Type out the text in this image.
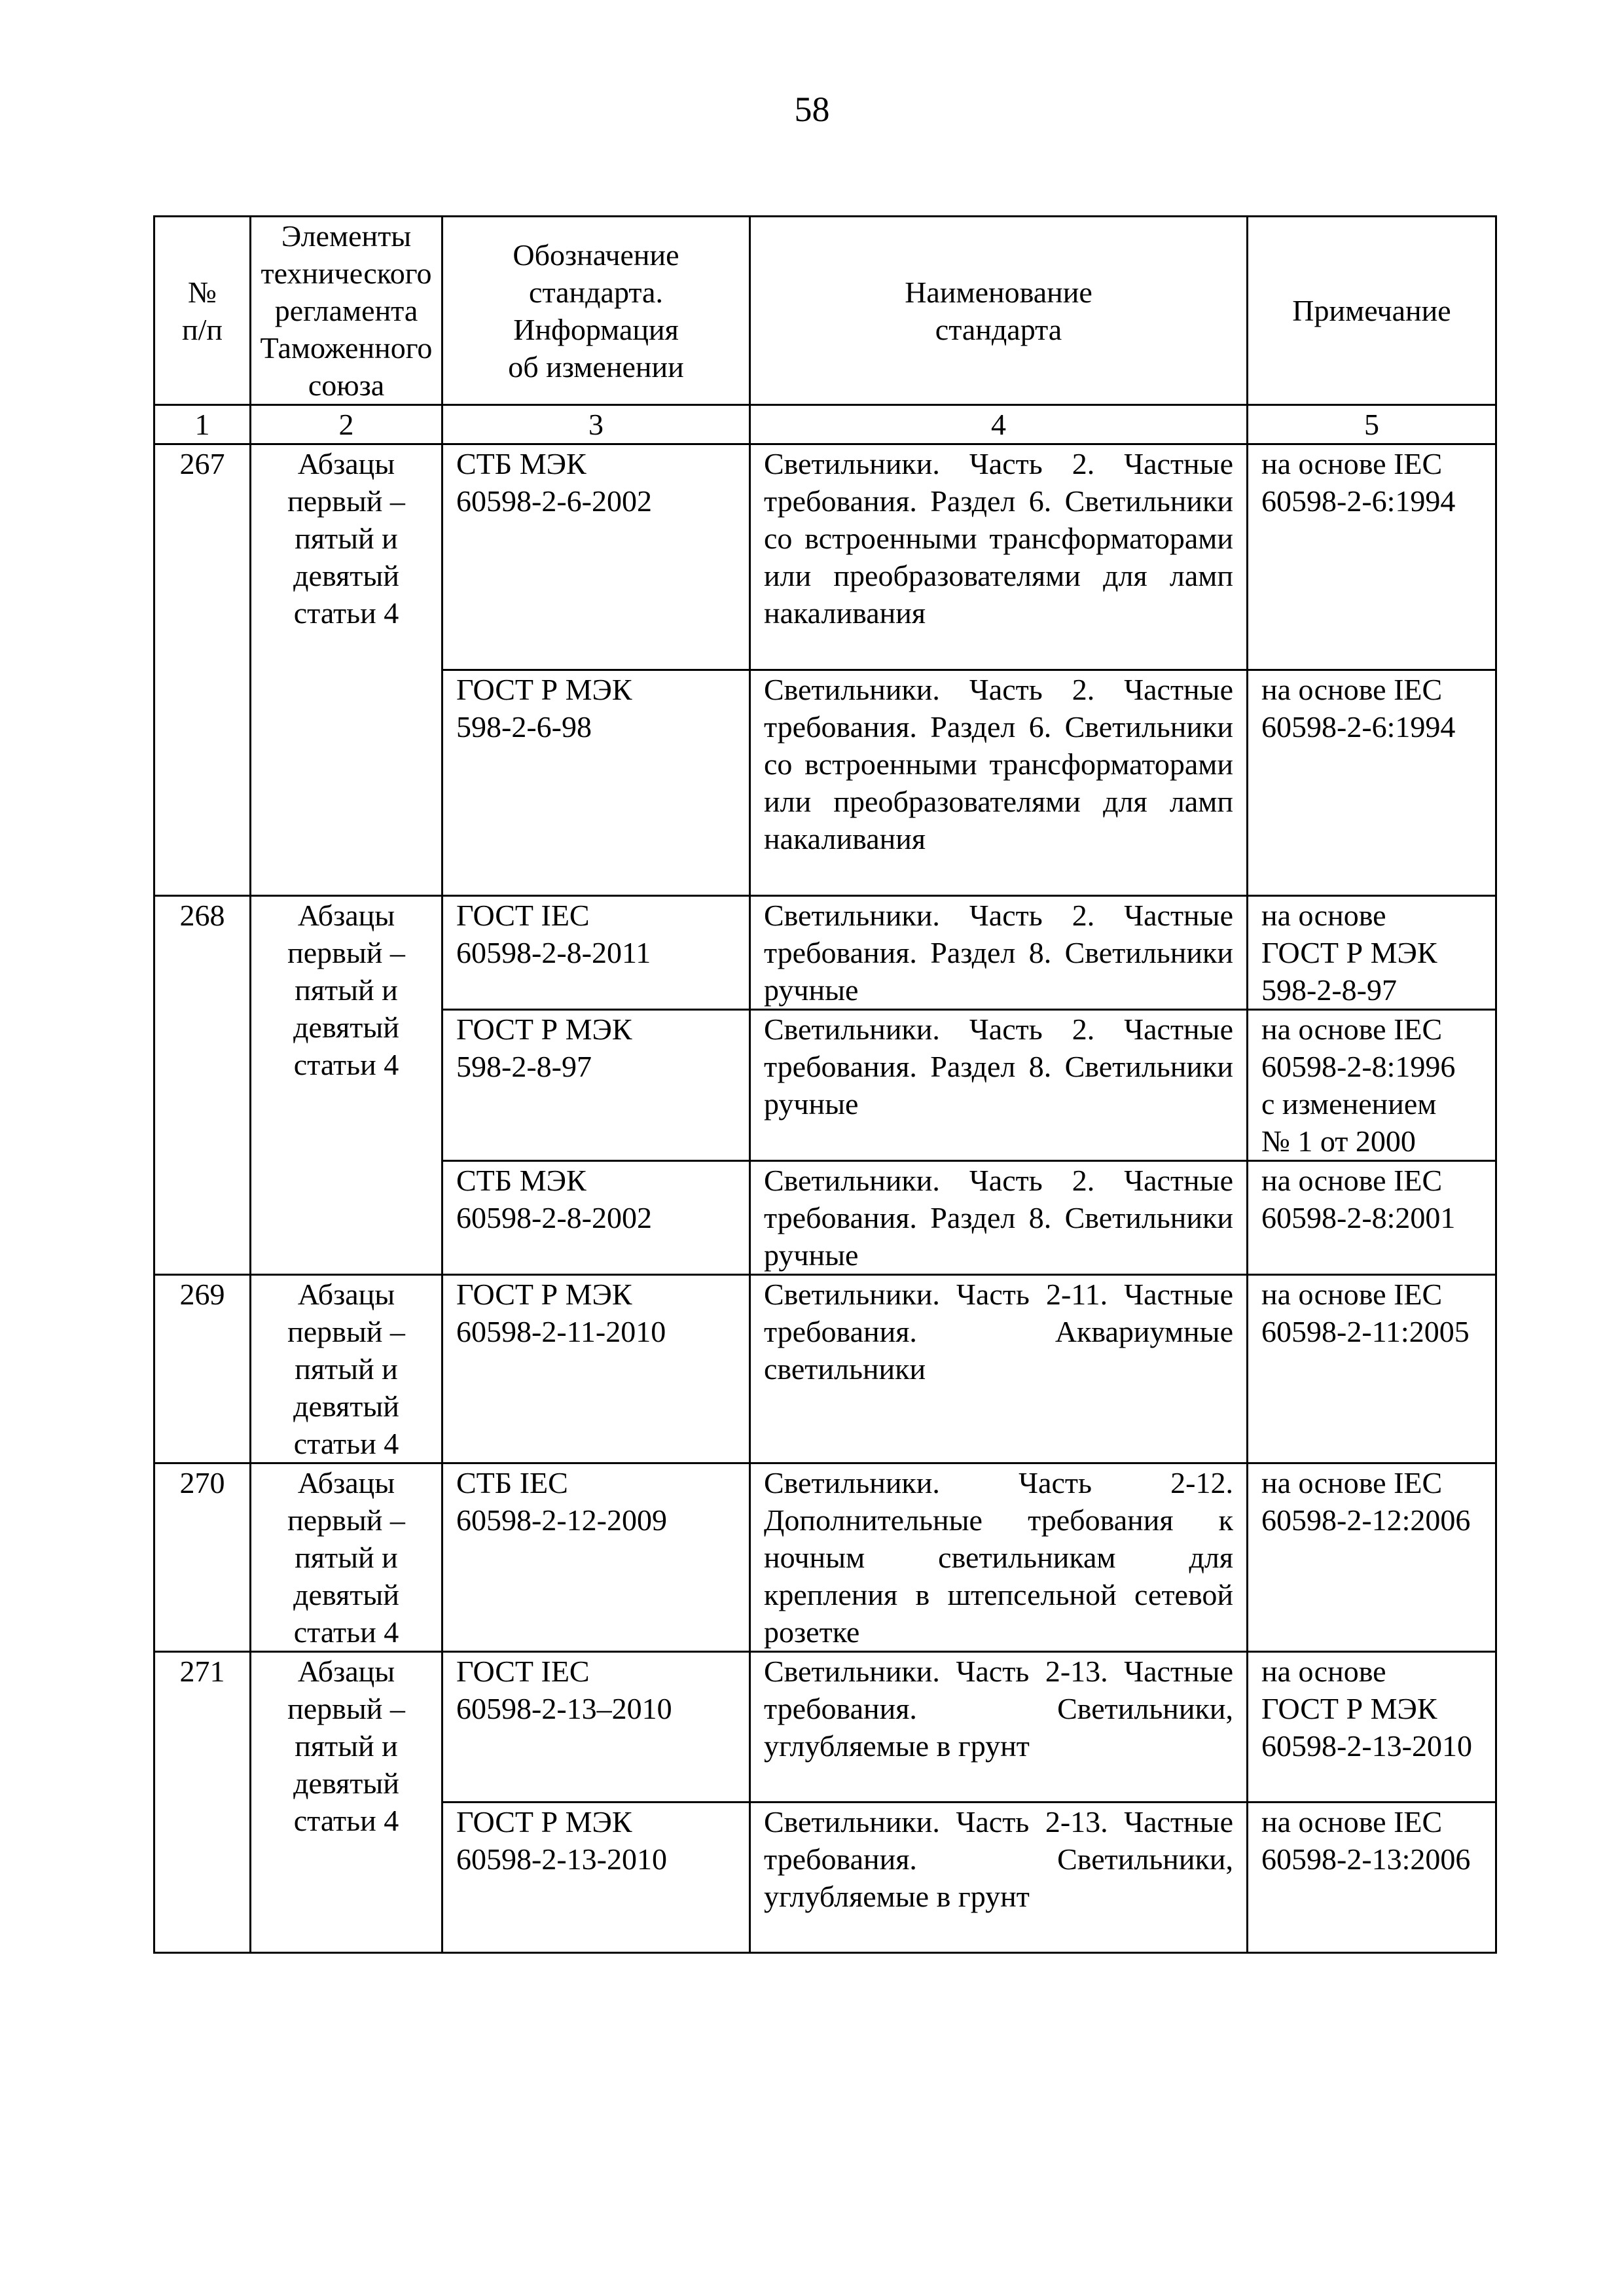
58
№
п/п	Элементы
технического
регламента
Таможенного
союза	Обозначение
стандарта.
Информация
об изменении	Наименование
стандарта	Примечание
1	2	3	4	5
267	Абзацы
первый –
пятый и
девятый
статьи 4	СТБ МЭК
60598-2-6-2002	Светильники. Часть 2. Частные требования. Раздел 6. Светильники со встроенными трансформаторами или преобразователями для ламп накаливания	на основе IEC
60598-2-6:1994
		ГОСТ Р МЭК
598-2-6-98	Светильники. Часть 2. Частные требования. Раздел 6. Светильники со встроенными трансформаторами или преобразователями для ламп накаливания	на основе IEC
60598-2-6:1994
268	Абзацы
первый –
пятый и
девятый
статьи 4	ГОСТ IEC
60598-2-8-2011	Светильники. Часть 2. Частные требования. Раздел 8. Светильники ручные	на основе
ГОСТ Р МЭК
598-2-8-97
		ГОСТ Р МЭК
598-2-8-97	Светильники. Часть 2. Частные требования. Раздел 8. Светильники ручные	на основе IEC
60598-2-8:1996
с изменением
№ 1 от 2000
		СТБ МЭК
60598-2-8-2002	Светильники. Часть 2. Частные требования. Раздел 8. Светильники ручные	на основе IEC
60598-2-8:2001
269	Абзацы
первый –
пятый и
девятый
статьи 4	ГОСТ Р МЭК
60598-2-11-2010	Светильники. Часть 2-11. Частные требования. Аквариумные светильники	на основе IEC
60598-2-11:2005
270	Абзацы
первый –
пятый и
девятый
статьи 4	СТБ IEC
60598-2-12-2009	Светильники. Часть 2-12. Дополнительные требования к ночным светильникам для крепления в штепсельной сетевой розетке	на основе IEC
60598-2-12:2006
271	Абзацы
первый –
пятый и
девятый
статьи 4	ГОСТ IEC
60598-2-13–2010	Светильники. Часть 2-13. Частные требования. Светильники, углубляемые в грунт	на основе
ГОСТ Р МЭК
60598-2-13-2010
		ГОСТ Р МЭК
60598-2-13-2010	Светильники. Часть 2-13. Частные требования. Светильники, углубляемые в грунт	на основе IEC
60598-2-13:2006
